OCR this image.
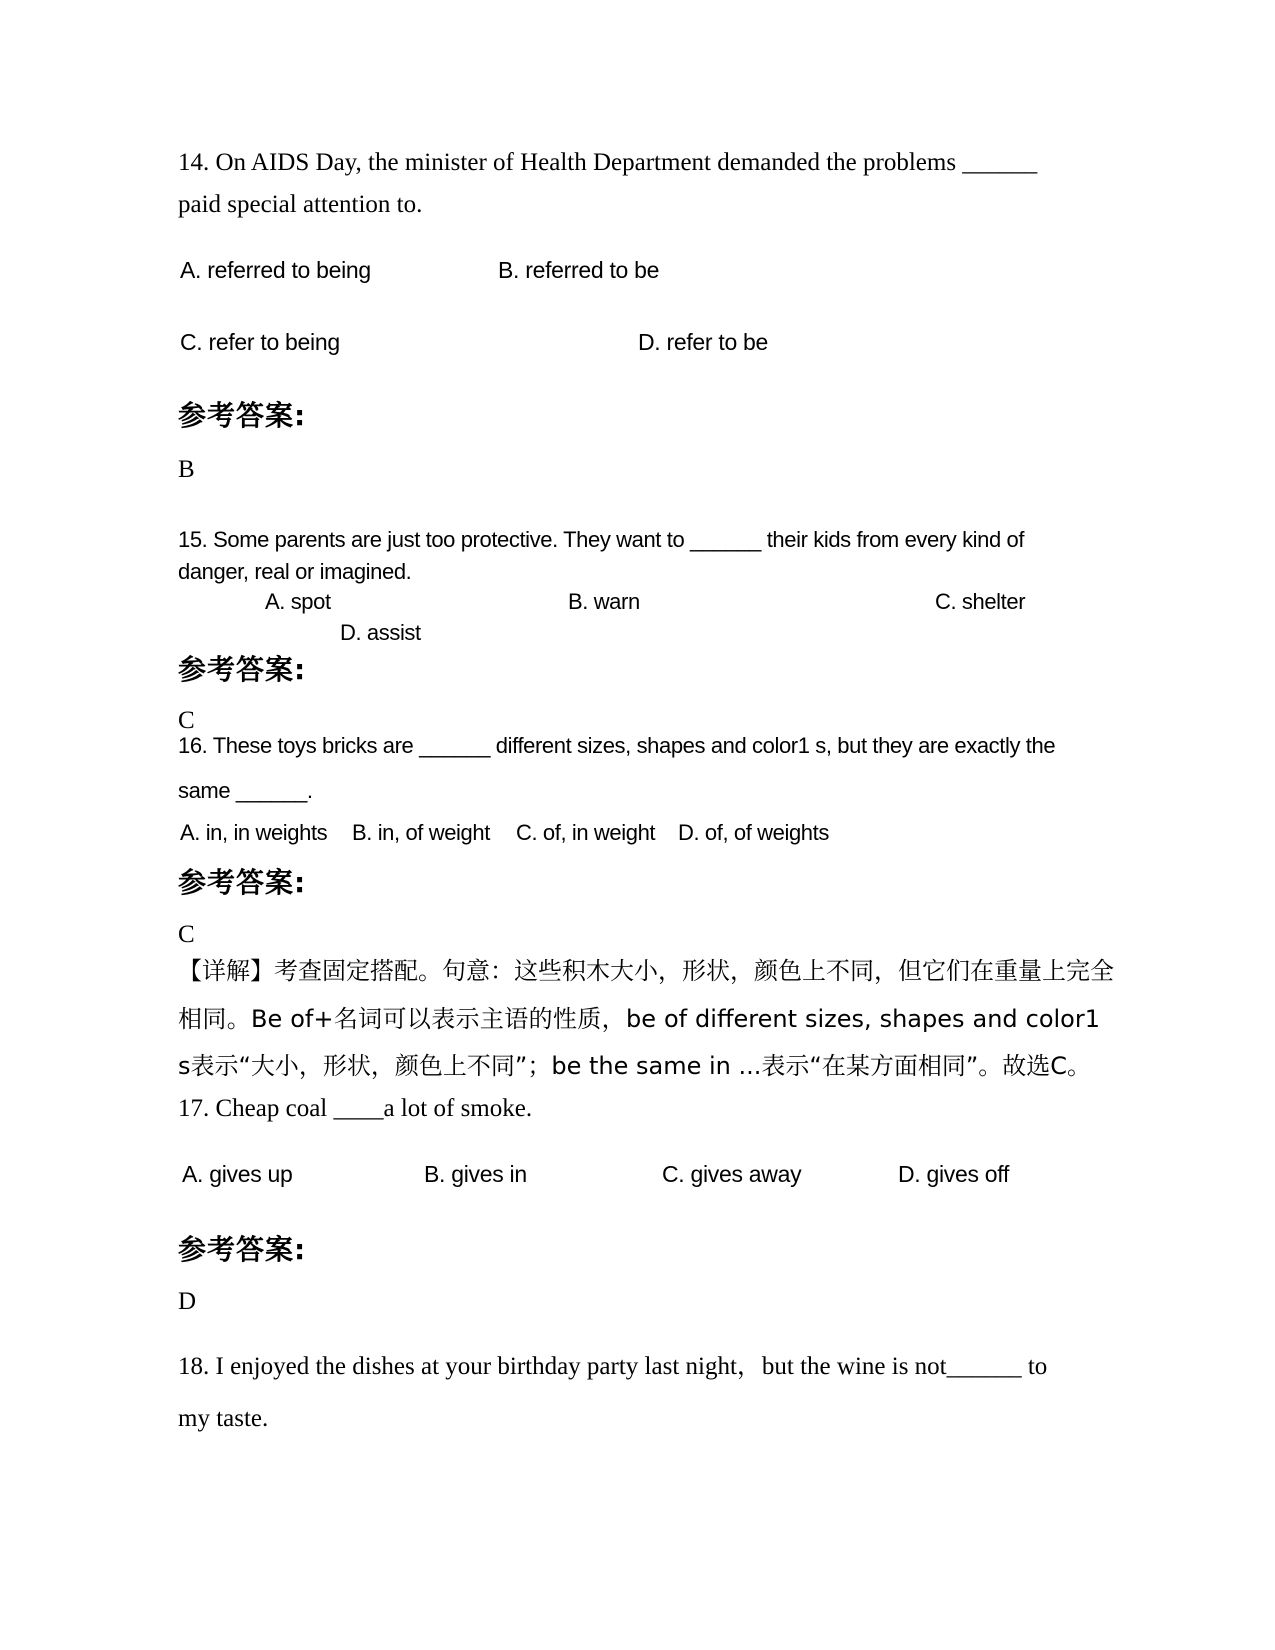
14. On AIDS Day, the minister of Health Department demanded the problems ______
paid special attention to.
A. referred to being	B. referred to be
C. refer to being	D. refer to be
参考答案:
B
15. Some parents are just too protective. They want to ______ their kids from every kind of
danger, real or imagined.
A. spot	B. warn	C. shelter
D. assist
参考答案:
C
16. These toys bricks are ______ different sizes, shapes and color1 s, but they are exactly the
same ______.
A. in, in weights B. in, of weight C. of, in weight D. of, of weights
参考答案:
C
【详解】考查固定搭配。句意：这些积木大小，形状，颜色上不同，但它们在重量上完全
相同。Be of+名词可以表示主语的性质，be of different sizes, shapes and color1
s表示“大小，形状，颜色上不同”；be the same in ...表示“在某方面相同”。故选C。
17. Cheap coal ____a lot of smoke.
A. gives up	B. gives in	C. gives away	D. gives off
参考答案:
D
18. I enjoyed the dishes at your birthday party last night，but the wine is not______ to
my taste.
